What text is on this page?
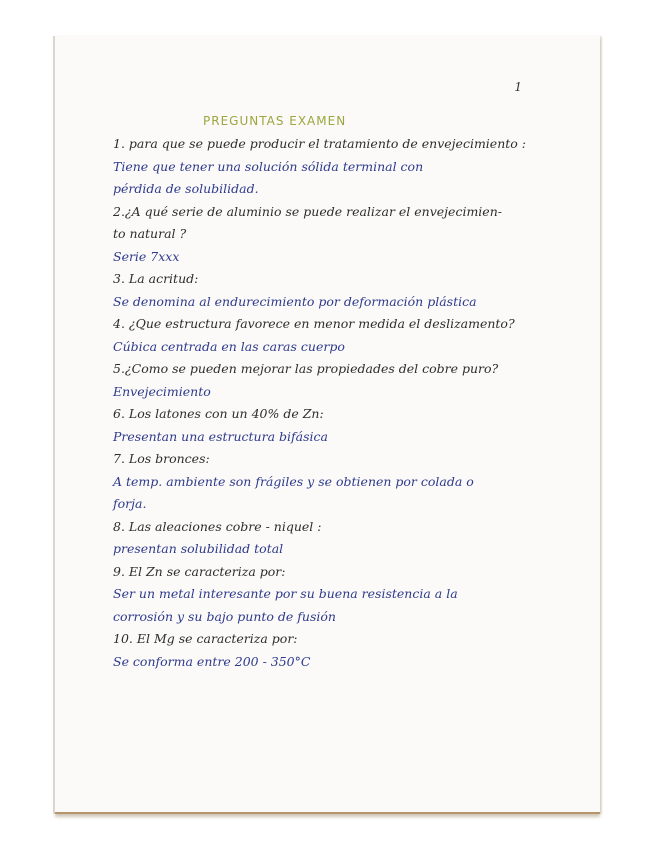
1
PREGUNTAS EXAMEN
1. para que se puede producir el tratamiento de envejecimiento :
Tiene que tener una solución sólida terminal con
pérdida de solubilidad.
2.¿A qué serie de aluminio se puede realizar el envejecimien-
to natural ?
Serie 7xxx
3. La acritud:
Se denomina al endurecimiento por deformación plástica
4. ¿Que estructura favorece en menor medida el deslizamento?
Cúbica centrada en las caras cuerpo
5.¿Como se pueden mejorar las propiedades del cobre puro?
Envejecimiento
6. Los latones con un 40% de Zn:
Presentan una estructura bifásica
7. Los bronces:
A temp. ambiente son frágiles y se obtienen por colada o
forja.
8. Las aleaciones cobre - niquel :
presentan solubilidad total
9. El Zn se caracteriza por:
Ser un metal interesante por su buena resistencia a la
corrosión y su bajo punto de fusión
10. El Mg se caracteriza por:
Se conforma entre 200 - 350°C
